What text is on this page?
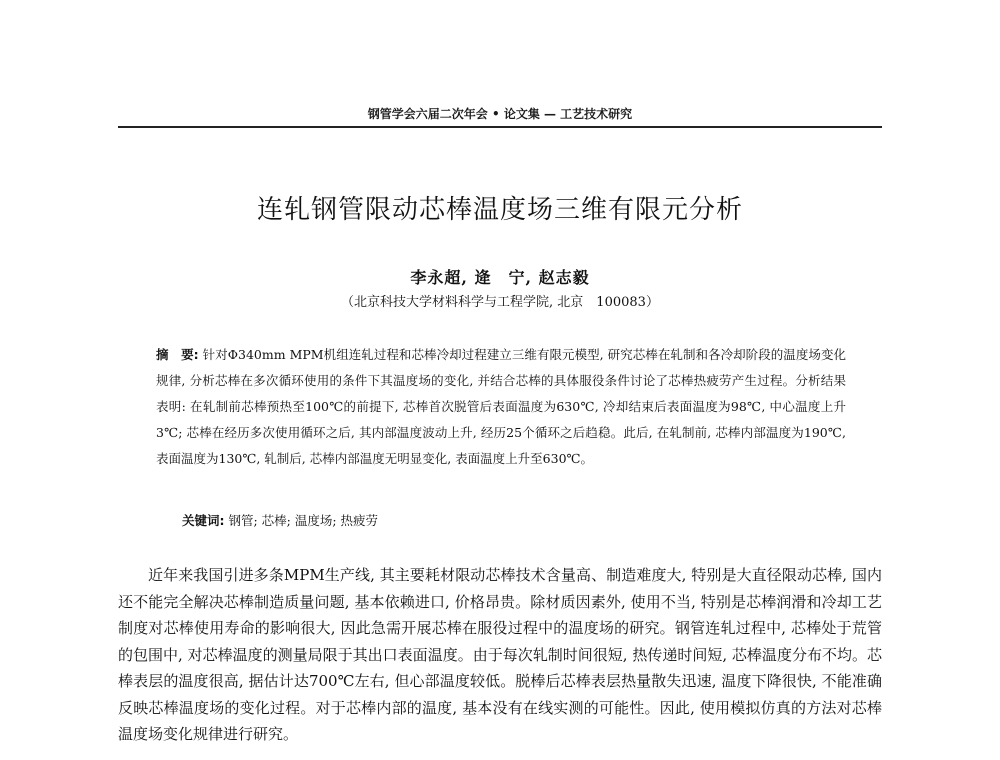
钢管学会六届二次年会 • 论文集 — 工艺技术研究
连轧钢管限动芯棒温度场三维有限元分析
李永超, 逄　宁, 赵志毅
（北京科技大学材料科学与工程学院, 北京　100083）
摘　要: 针对Φ340mm MPM机组连轧过程和芯棒冷却过程建立三维有限元模型, 研究芯棒在轧制和各冷却阶段的温度场变化规律, 分析芯棒在多次循环使用的条件下其温度场的变化, 并结合芯棒的具体服役条件讨论了芯棒热疲劳产生过程。分析结果表明: 在轧制前芯棒预热至100℃的前提下, 芯棒首次脱管后表面温度为630℃, 冷却结束后表面温度为98℃, 中心温度上升3℃; 芯棒在经历多次使用循环之后, 其内部温度波动上升, 经历25个循环之后趋稳。此后, 在轧制前, 芯棒内部温度为190℃, 表面温度为130℃, 轧制后, 芯棒内部温度无明显变化, 表面温度上升至630℃。
关键词: 钢管; 芯棒; 温度场; 热疲劳

近年来我国引进多条MPM生产线, 其主要耗材限动芯棒技术含量高、制造难度大, 特别是大直径限动芯棒, 国内还不能完全解决芯棒制造质量问题, 基本依赖进口, 价格昂贵。除材质因素外, 使用不当, 特别是芯棒润滑和冷却工艺制度对芯棒使用寿命的影响很大, 因此急需开展芯棒在服役过程中的温度场的研究。钢管连轧过程中, 芯棒处于荒管的包围中, 对芯棒温度的测量局限于其出口表面温度。由于每次轧制时间很短, 热传递时间短, 芯棒温度分布不均。芯棒表层的温度很高, 据估计达700℃左右, 但心部温度较低。脱棒后芯棒表层热量散失迅速, 温度下降很快, 不能准确反映芯棒温度场的变化过程。对于芯棒内部的温度, 基本没有在线实测的可能性。因此, 使用模拟仿真的方法对芯棒温度场变化规律进行研究。
